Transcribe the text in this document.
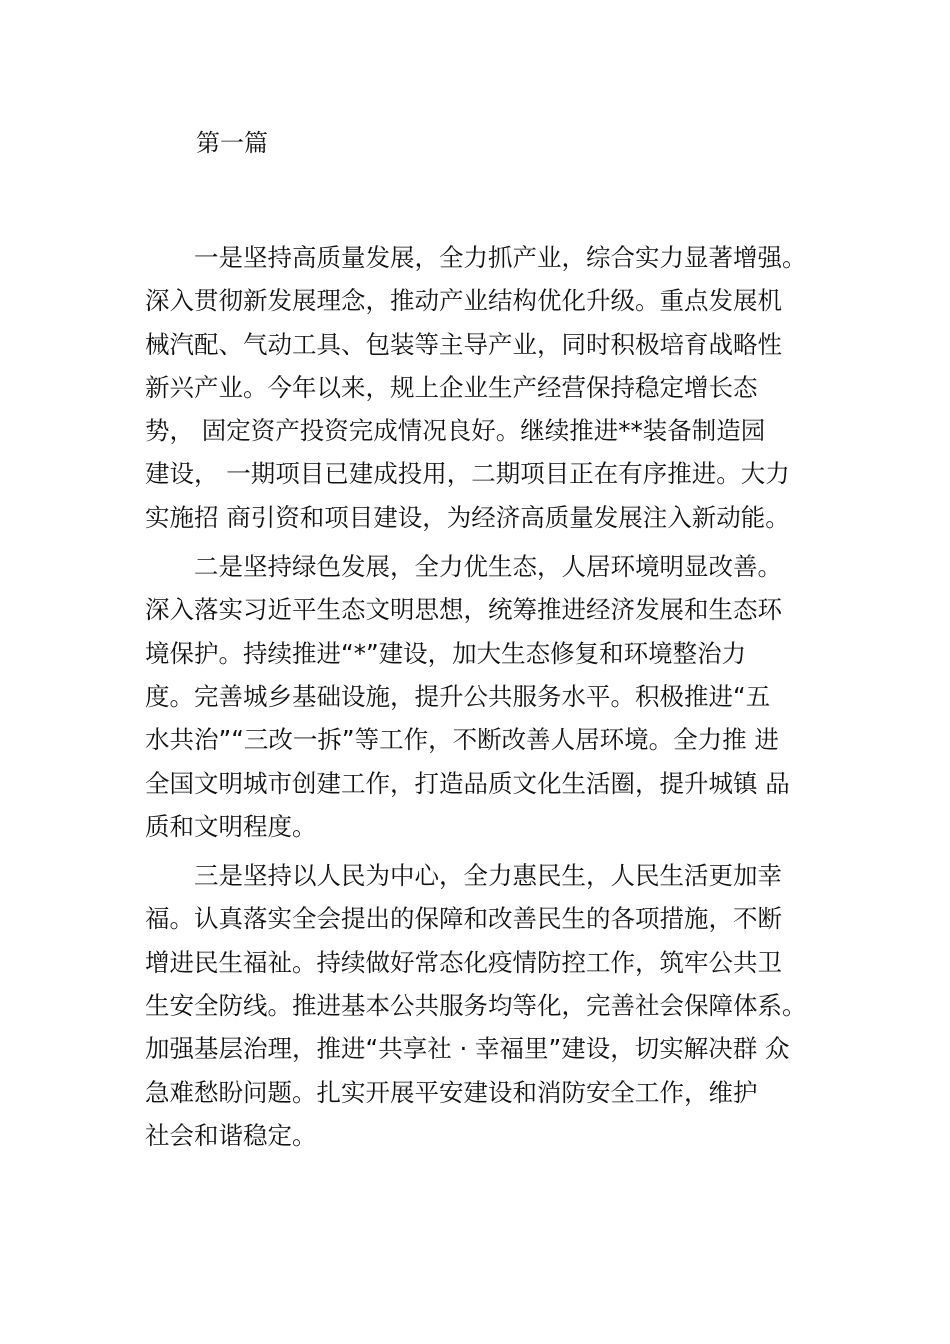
第一篇

　　一是坚持高质量发展，全力抓产业，综合实力显著增强。
深入贯彻新发展理念，推动产业结构优化升级。重点发展机
械汽配、气动工具、包装等主导产业，同时积极培育战略性
新兴产业。今年以来，规上企业生产经营保持稳定增长态
势， 固定资产投资完成情况良好。继续推进**装备制造园
建设， 一期项目已建成投用，二期项目正在有序推进。大力
实施招 商引资和项目建设，为经济高质量发展注入新动能。

　　二是坚持绿色发展，全力优生态，人居环境明显改善。
深入落实习近平生态文明思想，统筹推进经济发展和生态环
境保护。持续推进“*”建设，加大生态修复和环境整治力
度。完善城乡基础设施，提升公共服务水平。积极推进“五
水共治”“三改一拆”等工作，不断改善人居环境。全力推 进
全国文明城市创建工作，打造品质文化生活圈，提升城镇 品
质和文明程度。

　　三是坚持以人民为中心，全力惠民生，人民生活更加幸
福。认真落实全会提出的保障和改善民生的各项措施，不断
增进民生福祉。持续做好常态化疫情防控工作，筑牢公共卫
生安全防线。推进基本公共服务均等化，完善社会保障体系。
加强基层治理，推进“共享社 · 幸福里”建设，切实解决群 众
急难愁盼问题。扎实开展平安建设和消防安全工作，维护
社会和谐稳定。
